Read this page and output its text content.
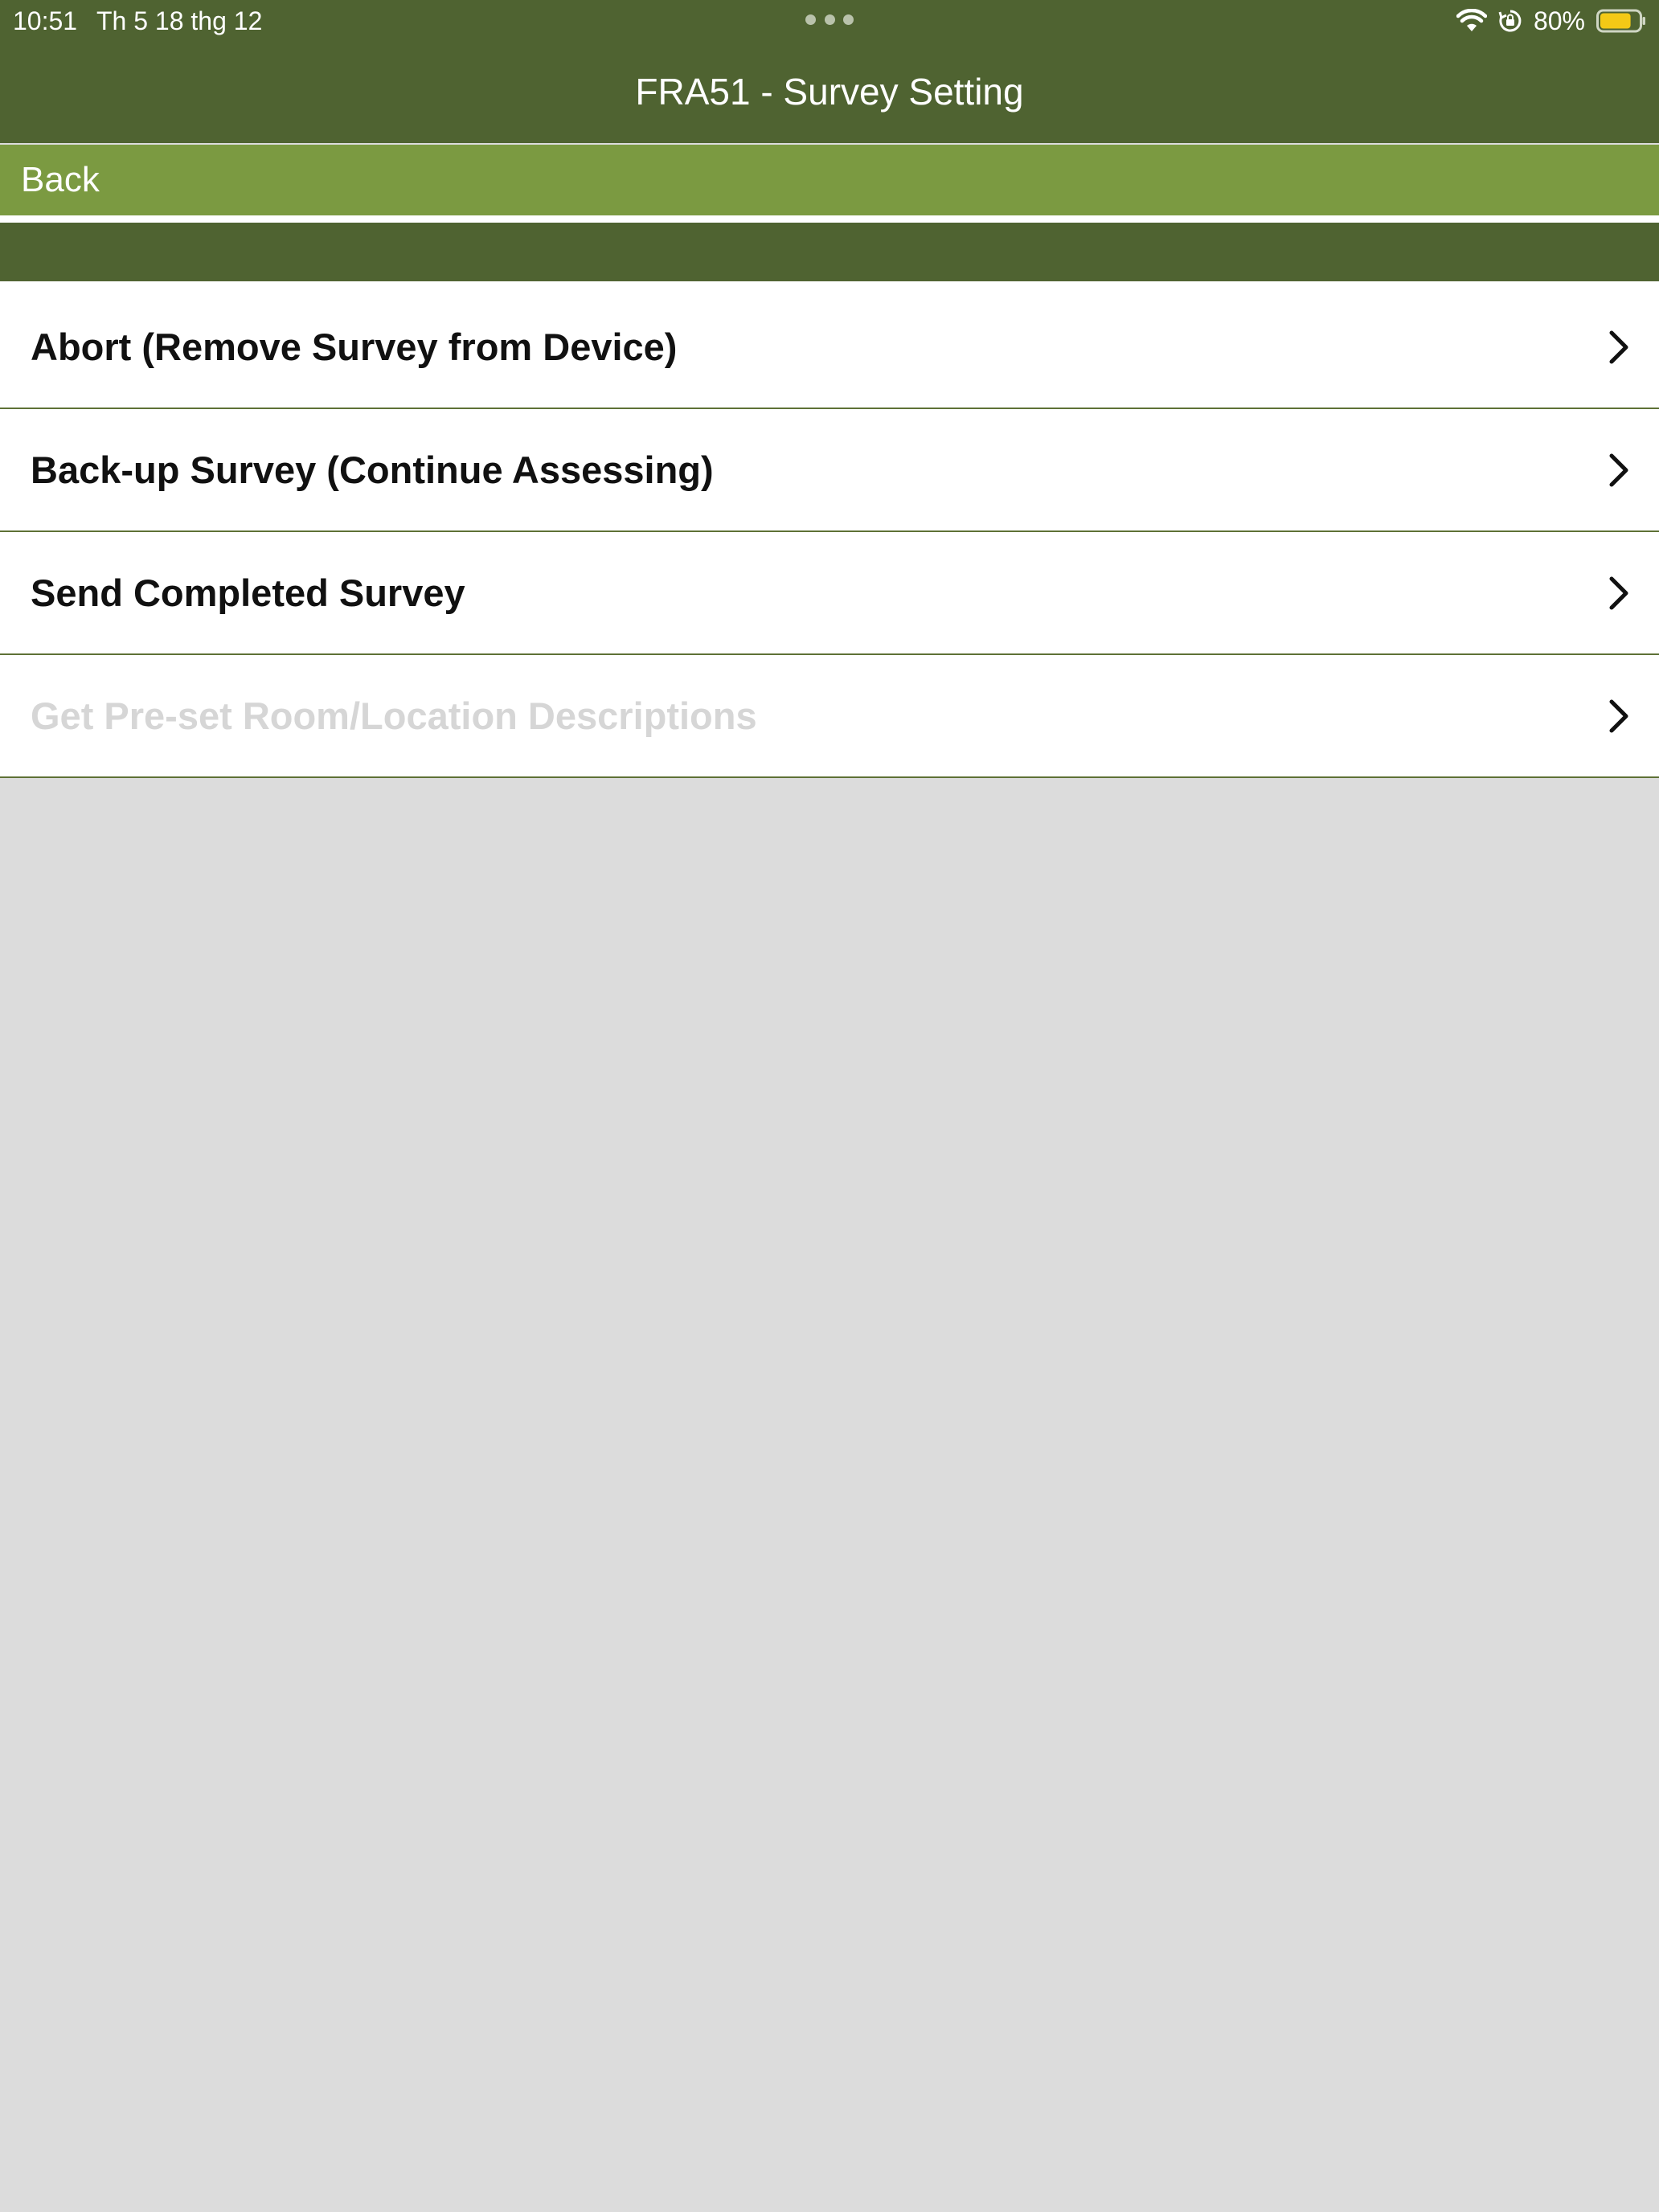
10:51 Th 5 18 thg 12	80%
FRA51 - Survey Setting
Back
Abort (Remove Survey from Device)
Back-up Survey (Continue Assessing)
Send Completed Survey
Get Pre-set Room/Location Descriptions
